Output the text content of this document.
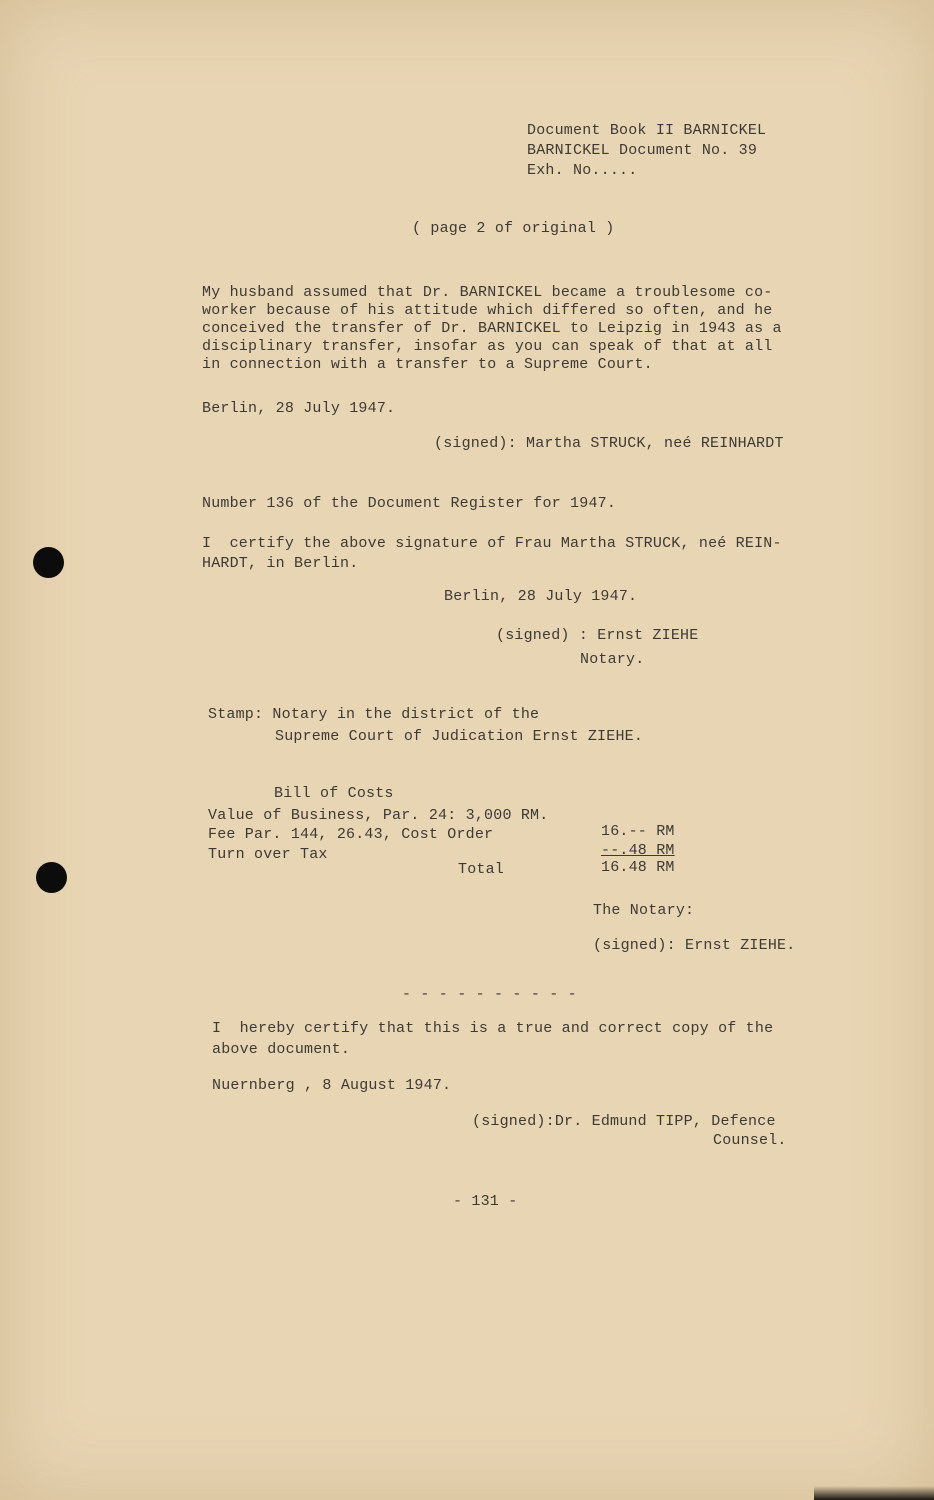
Document Book II BARNICKEL

BARNICKEL Document No. 39

Exh. No.....

( page 2 of original )

My husband assumed that Dr. BARNICKEL became a troublesome co-

worker because of his attitude which differed so often, and he

conceived the transfer of Dr. BARNICKEL to Leipzig in 1943 as a

disciplinary transfer, insofar as you can speak of that at all

in connection with a transfer to a Supreme Court.

Berlin, 28 July 1947.

(signed): Martha STRUCK, neé REINHARDT

Number 136 of the Document Register for 1947.

I  certify the above signature of Frau Martha STRUCK, neé REIN-

HARDT, in Berlin.

Berlin, 28 July 1947.

(signed) : Ernst ZIEHE

Notary.

Stamp: Notary in the district of the

Supreme Court of Judication Ernst ZIEHE.

Bill of Costs

Value of Business, Par. 24: 3,000 RM.

Fee Par. 144, 26.43, Cost Order	16.-- RM

Turn over Tax	--.48 RM

Total	16.48 RM

The Notary:

(signed): Ernst ZIEHE.

- - - - - - - - - -

I  hereby certify that this is a true and correct copy of the

above document.

Nuernberg , 8 August 1947.

(signed):Dr. Edmund TIPP, Defence

Counsel.

- 131 -
